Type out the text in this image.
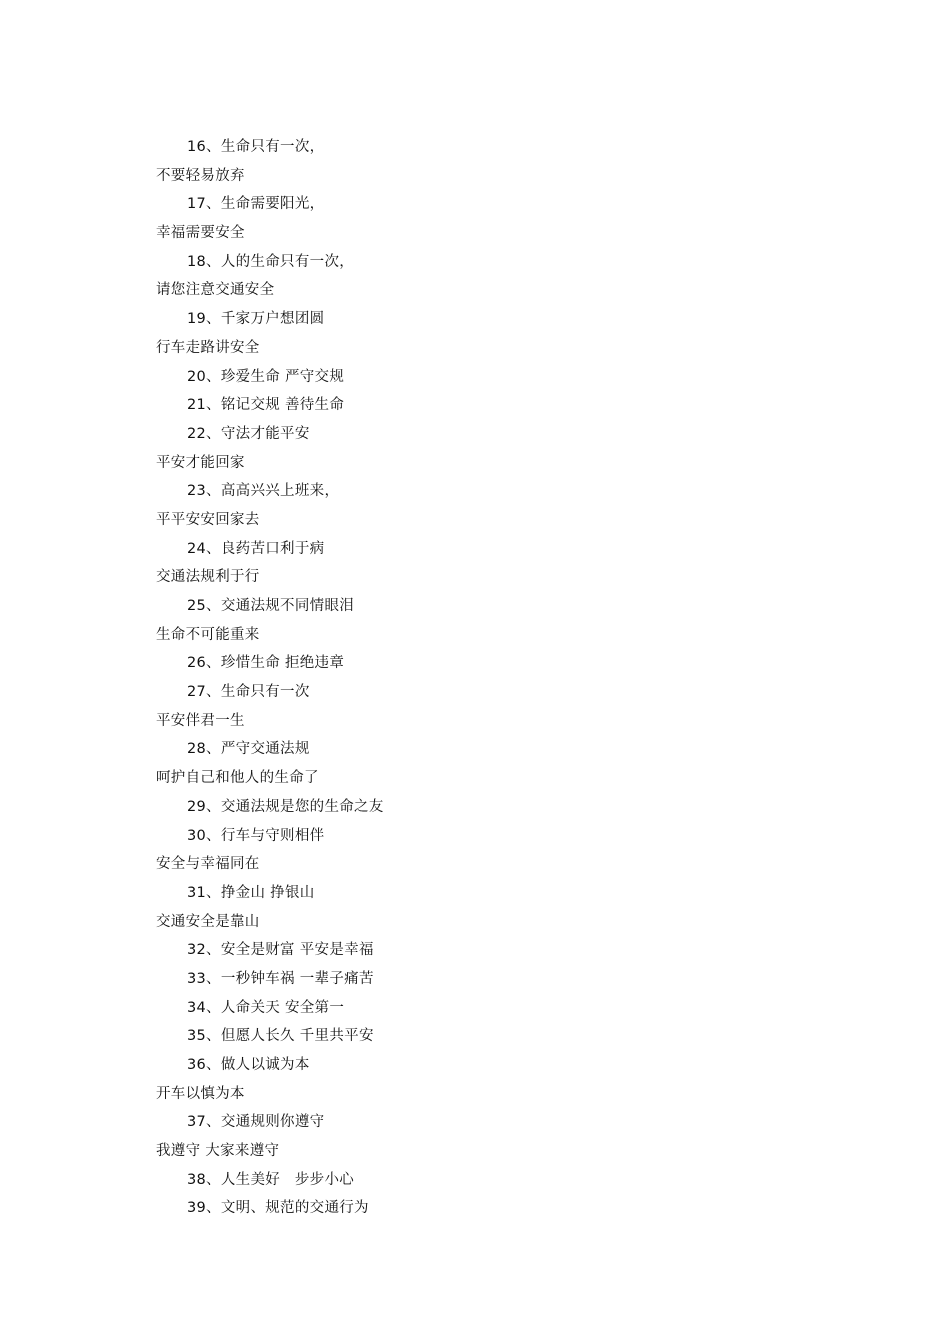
16、生命只有一次，
不要轻易放弃
17、生命需要阳光，
幸福需要安全
18、人的生命只有一次，
请您注意交通安全
19、千家万户想团圆
行车走路讲安全
20、珍爱生命 严守交规
21、铭记交规 善待生命
22、守法才能平安
平安才能回家
23、高高兴兴上班来，
平平安安回家去
24、良药苦口利于病
交通法规利于行
25、交通法规不同情眼泪
生命不可能重来
26、珍惜生命 拒绝违章
27、生命只有一次
平安伴君一生
28、严守交通法规
呵护自己和他人的生命了
29、交通法规是您的生命之友
30、行车与守则相伴
安全与幸福同在
31、挣金山 挣银山
交通安全是靠山
32、安全是财富 平安是幸福
33、一秒钟车祸 一辈子痛苦
34、人命关天 安全第一
35、但愿人长久 千里共平安
36、做人以诚为本
开车以慎为本
37、交通规则你遵守
我遵守 大家来遵守
38、人生美好　步步小心
39、文明、规范的交通行为
